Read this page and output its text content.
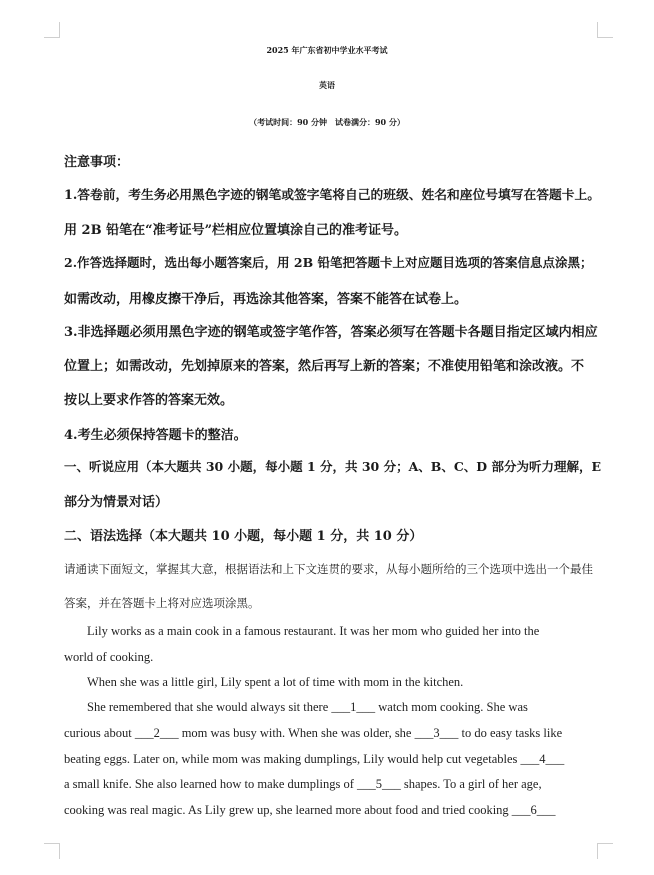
2025 年广东省初中学业水平考试
英语
（考试时间：90 分钟　试卷满分：90 分）
注意事项：
1.答卷前，考生务必用黑色字迹的钢笔或签字笔将自己的班级、姓名和座位号填写在答题卡上。
用 2B 铅笔在“准考证号”栏相应位置填涂自己的准考证号。
2.作答选择题时，选出每小题答案后，用 2B 铅笔把答题卡上对应题目选项的答案信息点涂黑；
如需改动，用橡皮擦干净后，再选涂其他答案，答案不能答在试卷上。
3.非选择题必须用黑色字迹的钢笔或签字笔作答，答案必须写在答题卡各题目指定区域内相应
位置上；如需改动，先划掉原来的答案，然后再写上新的答案；不准使用铅笔和涂改液。不
按以上要求作答的答案无效。
4.考生必须保持答题卡的整洁。
一、听说应用（本大题共 30 小题，每小题 1 分，共 30 分；A、B、C、D 部分为听力理解，E
部分为情景对话）
二、语法选择（本大题共 10 小题，每小题 1 分，共 10 分）
请通读下面短文，掌握其大意，根据语法和上下文连贯的要求，从每小题所给的三个选项中选出一个最佳
答案，并在答题卡上将对应选项涂黑。
Lily works as a main cook in a famous restaurant. It was her mom who guided her into the
world of cooking.
When she was a little girl, Lily spent a lot of time with mom in the kitchen.
She remembered that she would always sit there ___1___ watch mom cooking. She was
curious about ___2___ mom was busy with. When she was older, she ___3___ to do easy tasks like
beating eggs. Later on, while mom was making dumplings, Lily would help cut vegetables ___4___
a small knife. She also learned how to make dumplings of ___5___ shapes. To a girl of her age,
cooking was real magic. As Lily grew up, she learned more about food and tried cooking ___6___
